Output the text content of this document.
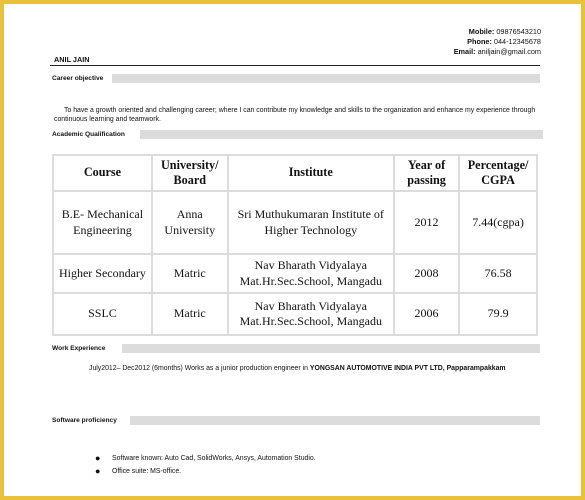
Mobile: 09876543210
Phone: 044-12345678
Email: aniljain@gmail.com
ANIL JAIN
Career objective
To have a growth oriented and challenging career; where I can contribute my knowledge and skills to the organization and enhance my experience through continuous learning and teamwork.
Academic Qualification
Course	University/ Board	Institute	Year of passing	Percentage/ CGPA
B.E- Mechanical Engineering	Anna University	Sri Muthukumaran Institute of Higher Technology	2012	7.44(cgpa)
Higher Secondary	Matric	Nav Bharath Vidyalaya Mat.Hr.Sec.School, Mangadu	2008	76.58
SSLC	Matric	Nav Bharath Vidyalaya Mat.Hr.Sec.School, Mangadu	2006	79.9
Work Experience
July2012– Dec2012 (6months) Works as a junior production engineer in YONGSAN AUTOMOTIVE INDIA PVT LTD, Papparampakkam
Software proficiency
● Software known: Auto Cad, SolidWorks, Ansys, Automation Studio.
● Office suite: MS-office.
